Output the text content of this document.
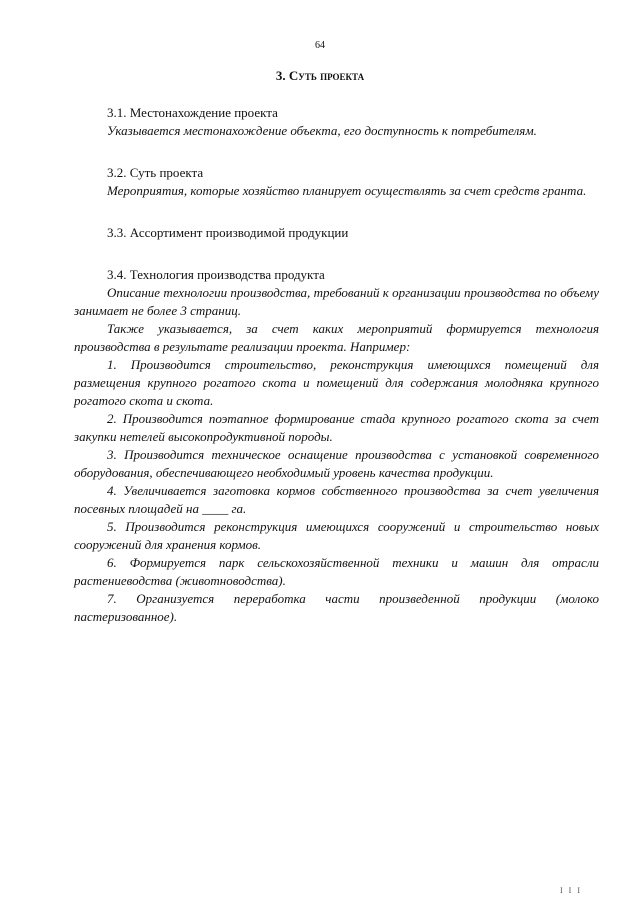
64
3. Суть проекта

3.1. Местонахождение проекта

Указывается местонахождение объекта, его доступность к потребителям.

3.2. Суть проекта

Мероприятия, которые хозяйство планирует осуществлять за счет средств гранта.

3.3. Ассортимент производимой продукции

3.4. Технология производства продукта

Описание технологии производства, требований к организации производства по объему занимает не более 3 страниц.

Также указывается, за счет каких мероприятий формируется технология производства в результате реализации проекта. Например:

1. Производится строительство, реконструкция имеющихся помещений для размещения крупного рогатого скота и помещений для содержания молодняка крупного рогатого скота и скота.

2. Производится поэтапное формирование стада крупного рогатого скота за счет закупки нетелей высокопродуктивной породы.

3. Производится техническое оснащение производства с установкой современного оборудования, обеспечивающего необходимый уровень качества продукции.

4. Увеличивается заготовка кормов собственного производства за счет увеличения посевных площадей на ____ га.

5. Производится реконструкция имеющихся сооружений и строительство новых сооружений для хранения кормов.

6. Формируется парк сельскохозяйственной техники и машин для отрасли растениеводства (животноводства).

7. Организуется переработка части произведенной продукции (молоко пастеризованное).

I I I
